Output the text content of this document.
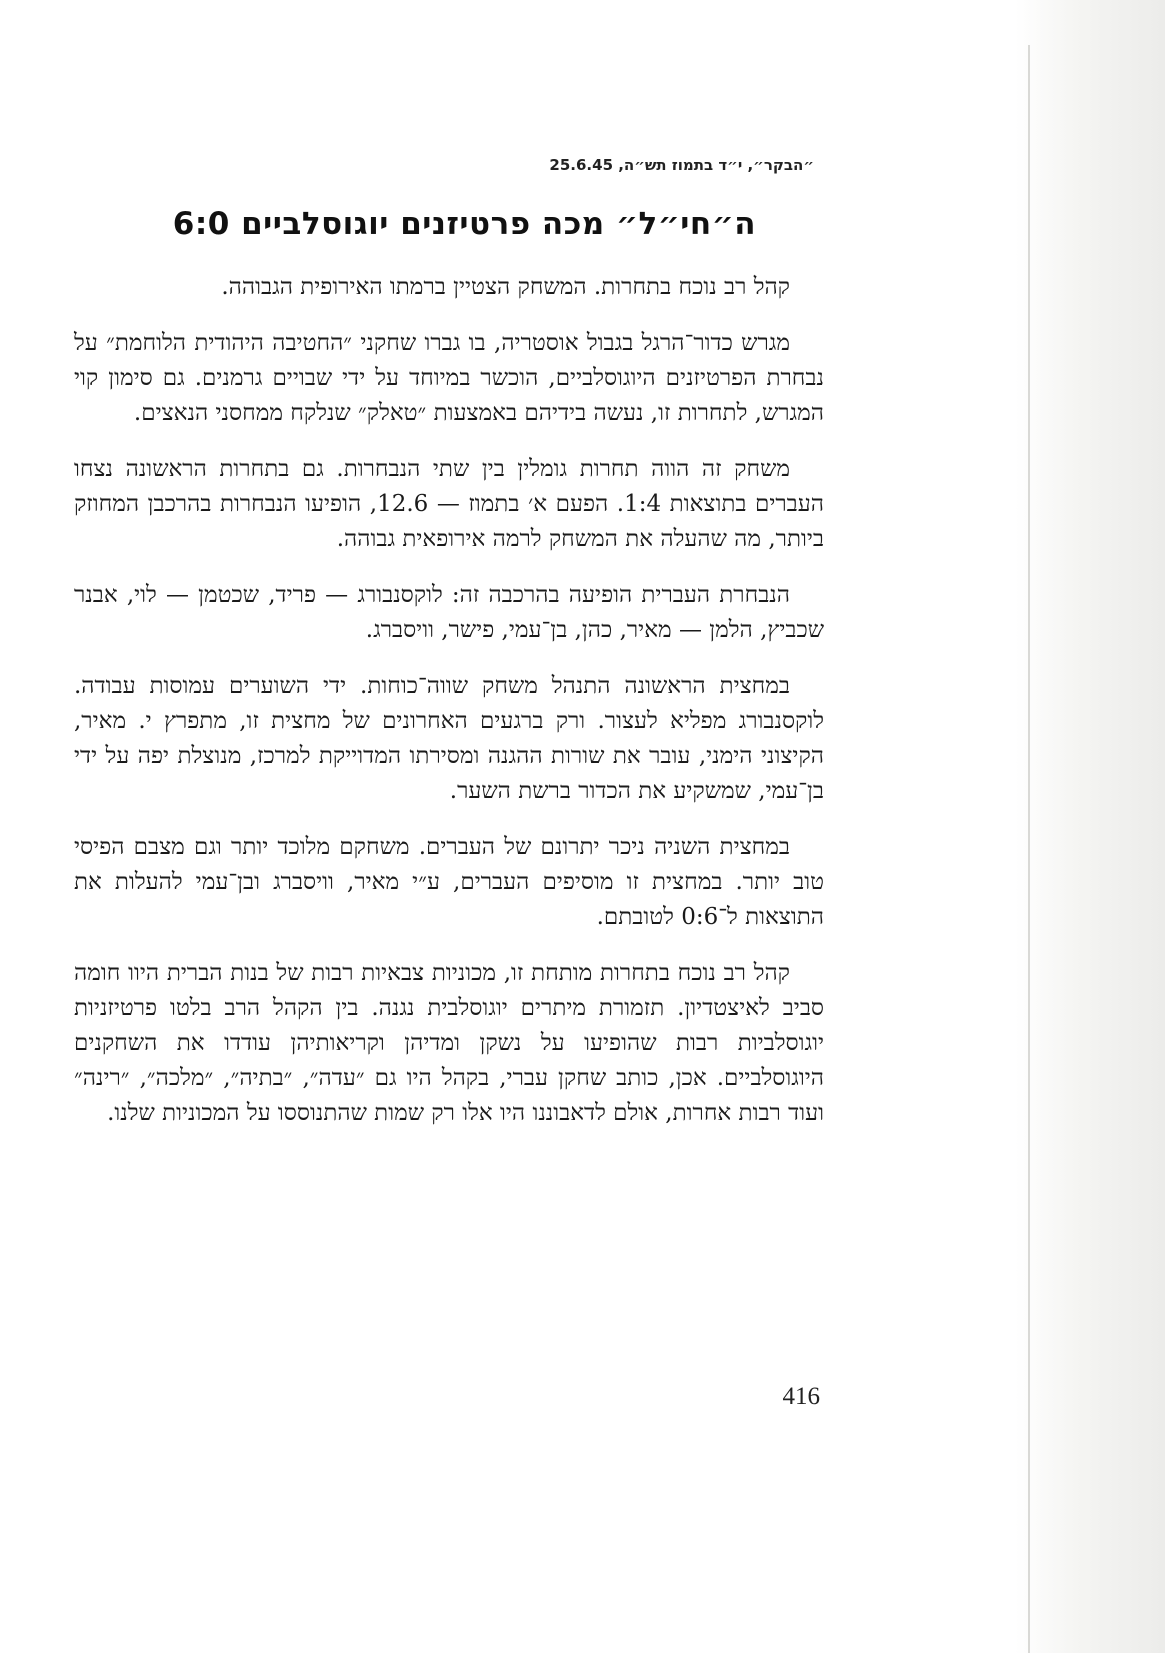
״הבקר״, י״ד בתמוז תש״ה, 25.6.45
ה״חי״ל״ מכה פרטיזנים יוגוסלביים 6:0

קהל רב נוכח בתחרות. המשחק הצטיין ברמתו האירופית הגבוהה.

מגרש כדור־הרגל בגבול אוסטריה, בו גברו שחקני ״החטיבה היהודית הלוחמת״ על נבחרת הפרטיזנים היוגוסלביים, הוכשר במיוחד על ידי שבויים גרמנים. גם סימון קוי המגרש, לתחרות זו, נעשה בידיהם באמצעות ״טאלק״ שנלקח ממחסני הנאצים.

משחק זה הווה תחרות גומלין בין שתי הנבחרות. גם בתחרות הראשונה נצחו העברים בתוצאות 1:4. הפעם א׳ בתמוז — 12.6, הופיעו הנבחרות בהרכבן המחוזק ביותר, מה שהעלה את המשחק לרמה אירופאית גבוהה.

הנבחרת העברית הופיעה בהרכבה זה: לוקסנבורג — פריד, שכטמן — לוי, אבנר שכביץ, הלמן — מאיר, כהן, בן־עמי, פישר, וויסברג.

במחצית הראשונה התנהל משחק שווה־כוחות. ידי השוערים עמוסות עבודה. לוקסנבורג מפליא לעצור. ורק ברגעים האחרונים של מחצית זו, מתפרץ י. מאיר, הקיצוני הימני, עובר את שורות ההגנה ומסירתו המדוייקת למרכז, מנוצלת יפה על ידי בן־עמי, שמשקיע את הכדור ברשת השער.

במחצית השניה ניכר יתרונם של העברים. משחקם מלוכד יותר וגם מצבם הפיסי טוב יותר. במחצית זו מוסיפים העברים, ע״י מאיר, וויסברג ובן־עמי להעלות את התוצאות ל־0:6 לטובתם.

קהל רב נוכח בתחרות מותחת זו, מכוניות צבאיות רבות של בנות הברית היוו חומה סביב לאיצטדיון. תזמורת מיתרים יוגוסלבית נגנה. בין הקהל הרב בלטו פרטיזניות יוגוסלביות רבות שהופיעו על נשקן ומדיהן וקריאותיהן עודדו את השחקנים היוגוסלביים. אכן, כותב שחקן עברי, בקהל היו גם ״עדה״, ״בתיה״, ״מלכה״, ״רינה״ ועוד רבות אחרות, אולם לדאבוננו היו אלו רק שמות שהתנוססו על המכוניות שלנו.

416
